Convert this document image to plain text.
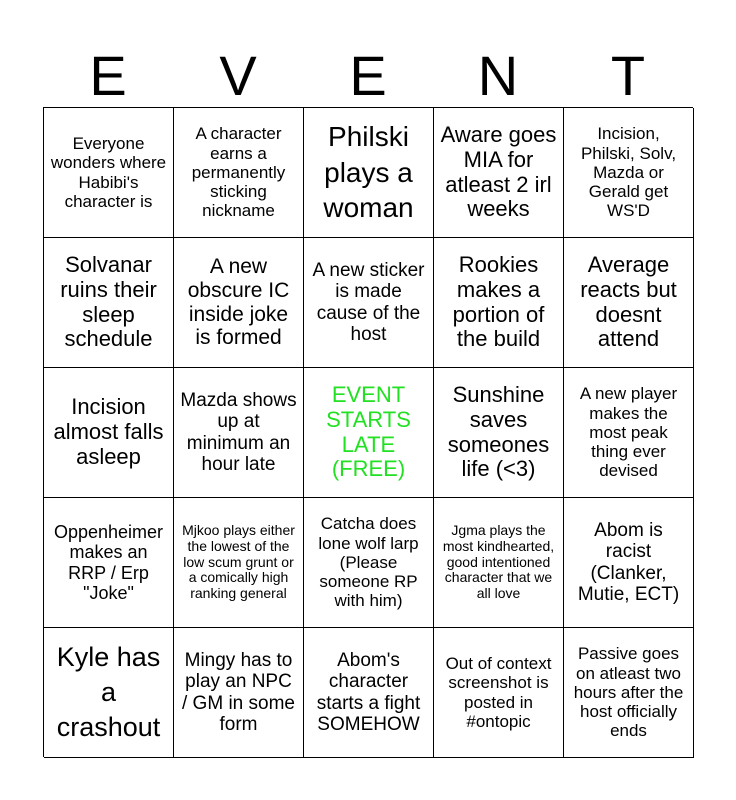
E	V	E	N	T
Everyone wonders where Habibi's character is
A character earns a permanently sticking nickname
Philski plays a woman
Aware goes MIA for atleast 2 irl weeks
Incision, Philski, Solv, Mazda or Gerald get WS'D
Solvanar ruins their sleep schedule
A new obscure IC inside joke is formed
A new sticker is made cause of the host
Rookies makes a portion of the build
Average reacts but doesnt attend
Incision almost falls asleep
Mazda shows up at minimum an hour late
EVENT STARTS LATE (FREE)
Sunshine saves someones life (<3)
A new player makes the most peak thing ever devised
Oppenheimer makes an RRP / Erp "Joke"
Mjkoo plays either the lowest of the low scum grunt or a comically high ranking general
Catcha does lone wolf larp (Please someone RP with him)
Jgma plays the most kindhearted, good intentioned character that we all love
Abom is racist (Clanker, Mutie, ECT)
Kyle has a crashout
Mingy has to play an NPC / GM in some form
Abom's character starts a fight SOMEHOW
Out of context screenshot is posted in #ontopic
Passive goes on atleast two hours after the host officially ends
